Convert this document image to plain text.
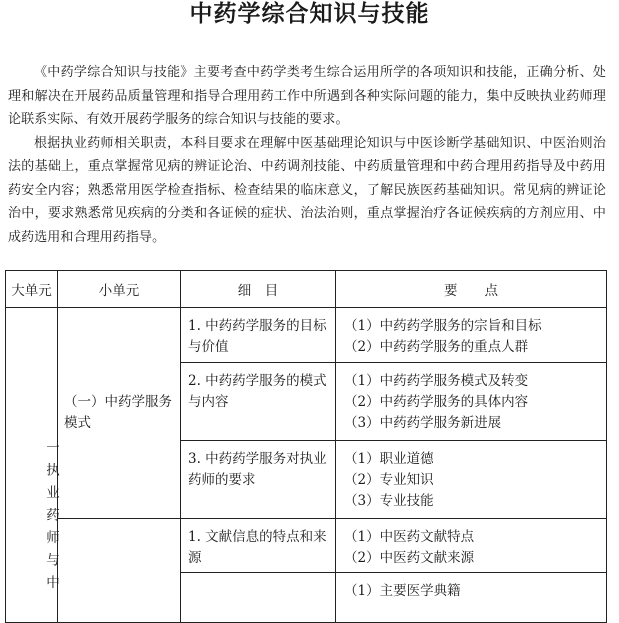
中药学综合知识与技能

《中药学综合知识与技能》主要考查中药学类考生综合运用所学的各项知识和技能，正确分析、处理和解决在开展药品质量管理和指导合理用药工作中所遇到各种实际问题的能力，集中反映执业药师理论联系实际、有效开展药学服务的综合知识与技能的要求。

根据执业药师相关职责，本科目要求在理解中医基础理论知识与中医诊断学基础知识、中医治则治法的基础上，重点掌握常见病的辨证论治、中药调剂技能、中药质量管理和中药合理用药指导及中药用药安全内容；熟悉常用医学检查指标、检查结果的临床意义，了解民族医药基础知识。常见病的辨证论治中，要求熟悉常见疾病的分类和各证候的症状、治法治则，重点掌握治疗各证候疾病的方剂应用、中成药选用和合理用药指导。

大单元	小单元	细　目	要　　点

一执业药师与中	（一）中药学服务模式	1. 中药药学服务的目标与价值	（1）中药药学服务的宗旨和目标
（2）中药药学服务的重点人群

		2. 中药药学服务的模式与内容	（1）中药药学服务模式及转变
（2）中药药学服务的具体内容
（3）中药药学服务新进展

		3. 中药药学服务对执业药师的要求	（1）职业道德
（2）专业知识
（3）专业技能

		1. 文献信息的特点和来源	（1）中医药文献特点
（2）中医药文献来源

			（1）主要医学典籍
